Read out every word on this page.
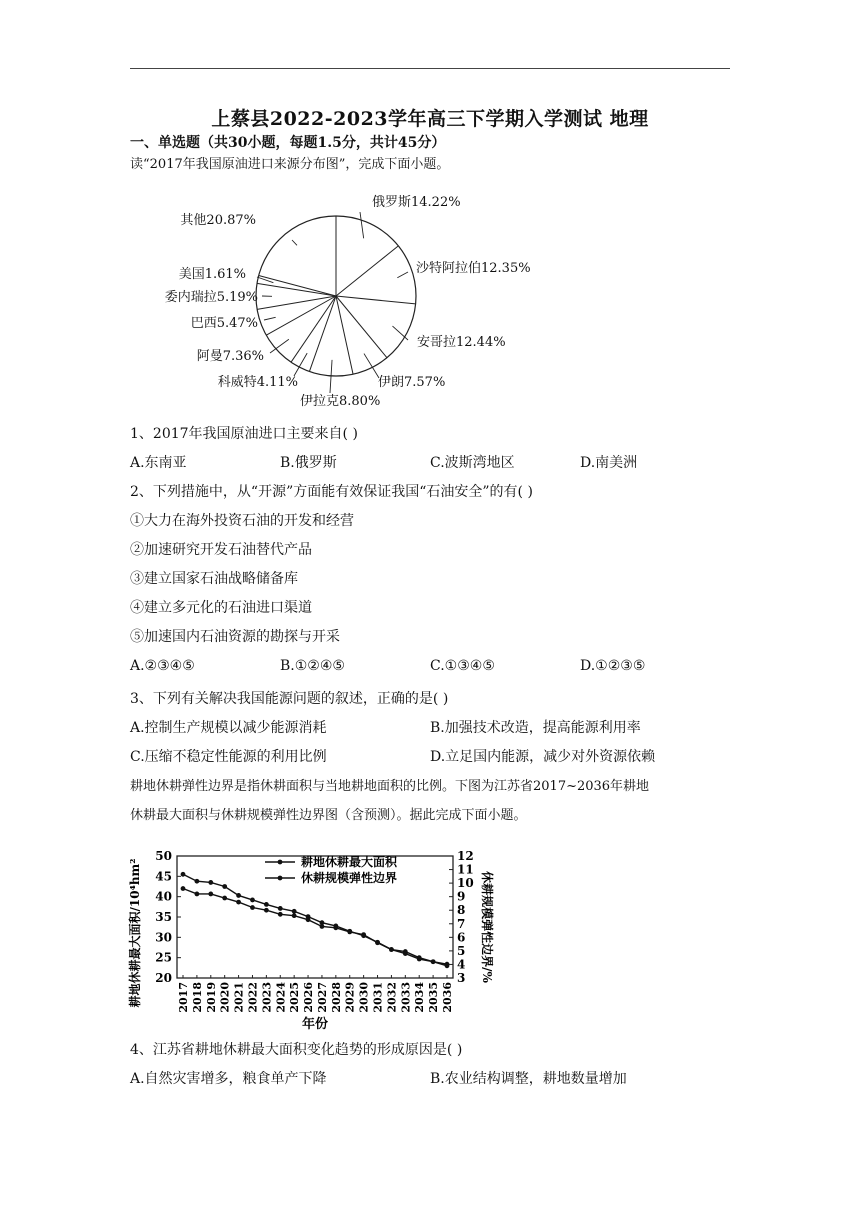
上蔡县2022-2023学年高三下学期入学测试 地理
一、单选题（共30小题，每题1.5分，共计45分）
读“2017年我国原油进口来源分布图”，完成下面小题。
俄罗斯14.22%
沙特阿拉伯12.35%
安哥拉12.44%
伊朗7.57%
伊拉克8.80%
科威特4.11%
阿曼7.36%
巴西5.47%
委内瑞拉5.19%
美国1.61%
其他20.87%
1、2017年我国原油进口主要来自( )
A.东南亚	B.俄罗斯	C.波斯湾地区	D.南美洲
2、下列措施中，从“开源”方面能有效保证我国“石油安全”的有( )
①大力在海外投资石油的开发和经营
②加速研究开发石油替代产品
③建立国家石油战略储备库
④建立多元化的石油进口渠道
⑤加速国内石油资源的勘探与开采
A.②③④⑤	B.①②④⑤	C.①③④⑤	D.①②③⑤
3、下列有关解决我国能源问题的叙述，正确的是( )
A.控制生产规模以减少能源消耗	B.加强技术改造，提高能源利用率
C.压缩不稳定性能源的利用比例	D.立足国内能源，减少对外资源依赖
耕地休耕弹性边界是指休耕面积与当地耕地面积的比例。下图为江苏省2017~2036年耕地
休耕最大面积与休耕规模弹性边界图（含预测）。据此完成下面小题。
20
25
30
35
40
45
50
3
4
5
6
7
8
9
10
11
12
2017 2018 2019 2020 2021 2022 2023 2024 2025 2026 2027 2028 2029 2030 2031 2032 2033 2034 2035 2036
耕地休耕最大面积/10⁴hm²	休耕规模弹性边界/%
年份
耕地休耕最大面积
休耕规模弹性边界
4、江苏省耕地休耕最大面积变化趋势的形成原因是( )
A.自然灾害增多，粮食单产下降	B.农业结构调整，耕地数量增加
